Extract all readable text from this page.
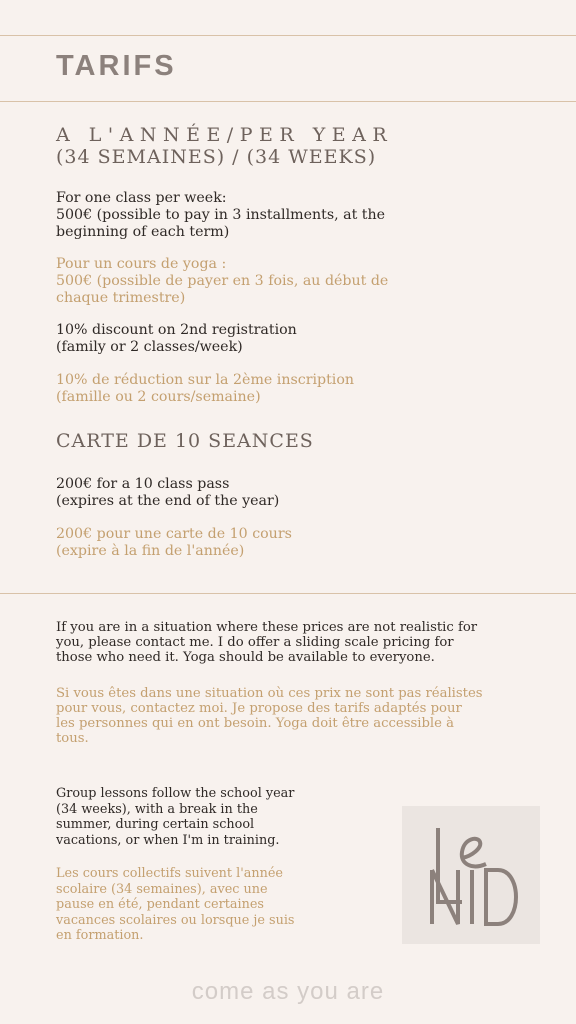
TARIFS
A L'ANNÉE/PER YEAR
(34 SEMAINES) / (34 WEEKS)
For one class per week:
500€ (possible to pay in 3 installments, at the
beginning of each term)
Pour un cours de yoga :
500€ (possible de payer en 3 fois, au début de
chaque trimestre)
10% discount on 2nd registration
(family or 2 classes/week)
10% de réduction sur la 2ème inscription
(famille ou 2 cours/semaine)
CARTE DE 10 SEANCES
200€ for a 10 class pass
(expires at the end of the year)
200€ pour une carte de 10 cours
(expire à la fin de l'année)
If you are in a situation where these prices are not realistic for
you, please contact me. I do offer a sliding scale pricing for
those who need it. Yoga should be available to everyone.
Si vous êtes dans une situation où ces prix ne sont pas réalistes
pour vous, contactez moi. Je propose des tarifs adaptés pour
les personnes qui en ont besoin. Yoga doit être accessible à
tous.
Group lessons follow the school year
(34 weeks), with a break in the
summer, during certain school
vacations, or when I'm in training.
Les cours collectifs suivent l'année
scolaire (34 semaines), avec une
pause en été, pendant certaines
vacances scolaires ou lorsque je suis
en formation.
come as you are
